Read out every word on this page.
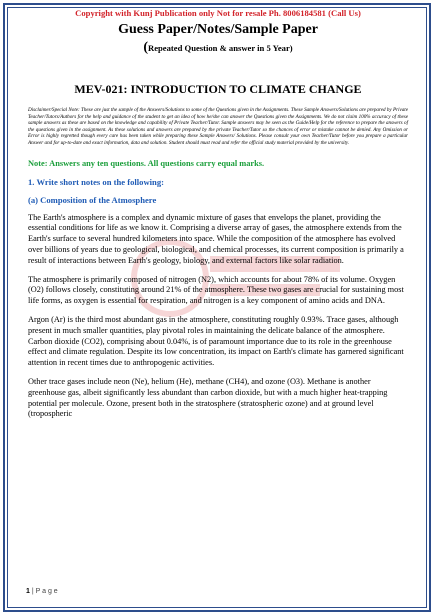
Copyright with Kunj Publication only Not for resale Ph. 8006184581 (Call Us)
Guess Paper/Notes/Sample Paper
(Repeated Question & answer in 5 Year)
MEV-021: INTRODUCTION TO CLIMATE CHANGE
Disclaimer/Special Note: These are just the sample of the Answers/Solutions to some of the Questions given in the Assignments. These Sample Answers/Solutions are prepared by Private Teacher/Tutors/Authors for the help and guidance of the student to get an idea of how he/she can answer the Questions given the Assignments. We do not claim 100% accuracy of these sample answers as these are based on the knowledge and capability of Private Teacher/Tutor. Sample answers may be seen as the Guide/Help for the reference to prepare the answers of the questions given in the assignment. As these solutions and answers are prepared by the private Teacher/Tutor so the chances of error or mistake cannot be denied. Any Omission or Error is highly regretted though every care has been taken while preparing these Sample Answers/ Solutions. Please consult your own Teacher/Tutor before you prepare a particular Answer and for up-to-date and exact information, data and solution. Student should must read and refer the official study material provided by the university.
Note: Answers any ten questions. All questions carry equal marks.
1. Write short notes on the following:
(a) Composition of the Atmosphere
The Earth's atmosphere is a complex and dynamic mixture of gases that envelops the planet, providing the essential conditions for life as we know it. Comprising a diverse array of gases, the atmosphere extends from the Earth's surface to several hundred kilometers into space. While the composition of the atmosphere has evolved over billions of years due to geological, biological, and chemical processes, its current composition is primarily a result of interactions between Earth's geology, biology, and external factors like solar radiation.
The atmosphere is primarily composed of nitrogen (N2), which accounts for about 78% of its volume. Oxygen (O2) follows closely, constituting around 21% of the atmosphere. These two gases are crucial for sustaining most life forms, as oxygen is essential for respiration, and nitrogen is a key component of amino acids and DNA.
Argon (Ar) is the third most abundant gas in the atmosphere, constituting roughly 0.93%. Trace gases, although present in much smaller quantities, play pivotal roles in maintaining the delicate balance of the atmosphere. Carbon dioxide (CO2), comprising about 0.04%, is of paramount importance due to its role in the greenhouse effect and climate regulation. Despite its low concentration, its impact on Earth's climate has garnered significant attention in recent times due to anthropogenic activities.
Other trace gases include neon (Ne), helium (He), methane (CH4), and ozone (O3). Methane is another greenhouse gas, albeit significantly less abundant than carbon dioxide, but with a much higher heat-trapping potential per molecule. Ozone, present both in the stratosphere (stratospheric ozone) and at ground level (tropospheric
1 | P a g e
